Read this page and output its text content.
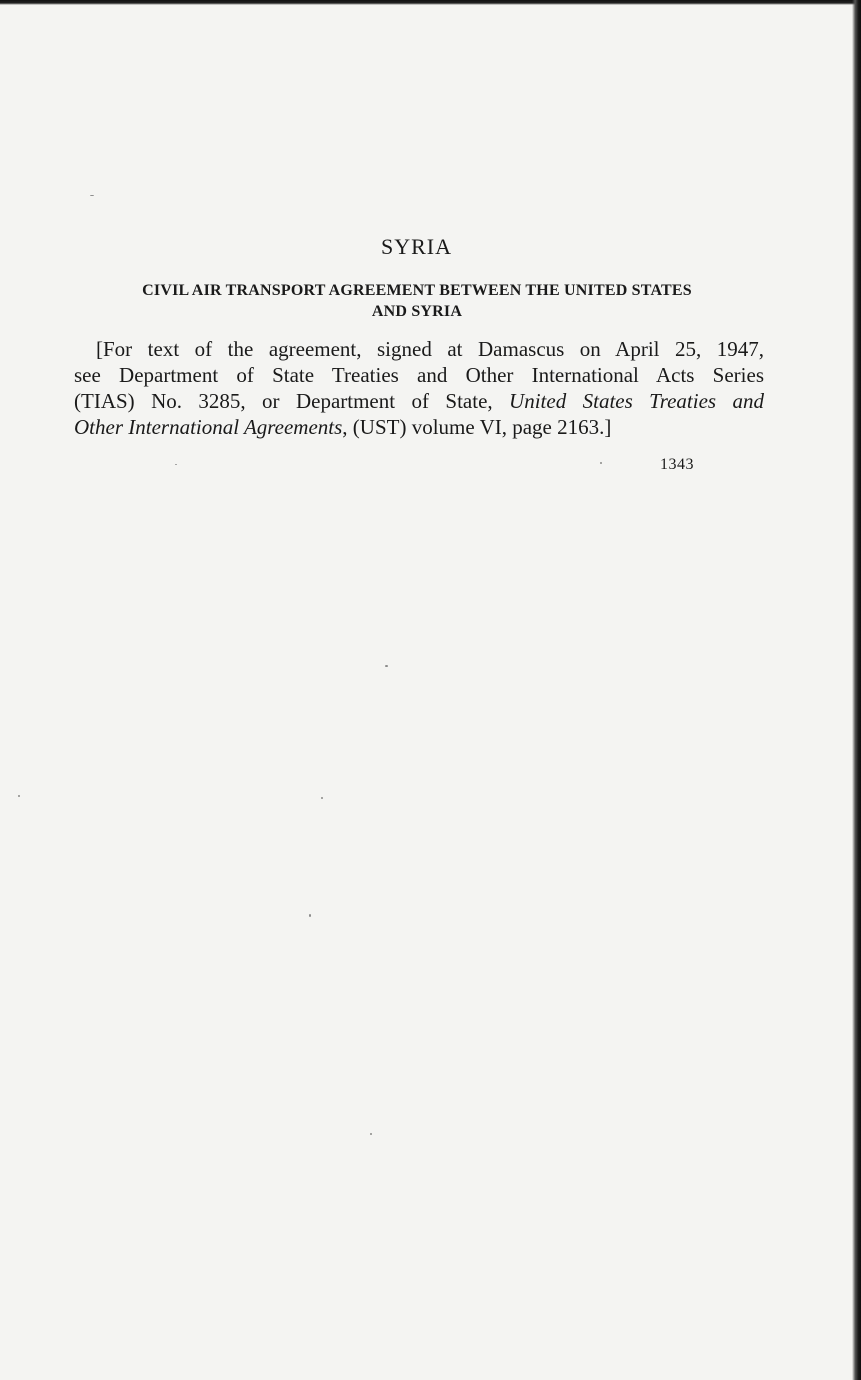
SYRIA
CIVIL AIR TRANSPORT AGREEMENT BETWEEN THE UNITED STATES
AND SYRIA
[For text of the agreement, signed at Damascus on April 25, 1947,
see Department of State Treaties and Other International Acts Series
(TIAS) No. 3285, or Department of State, United States Treaties and
Other International Agreements, (UST) volume VI, page 2163.]
1343
